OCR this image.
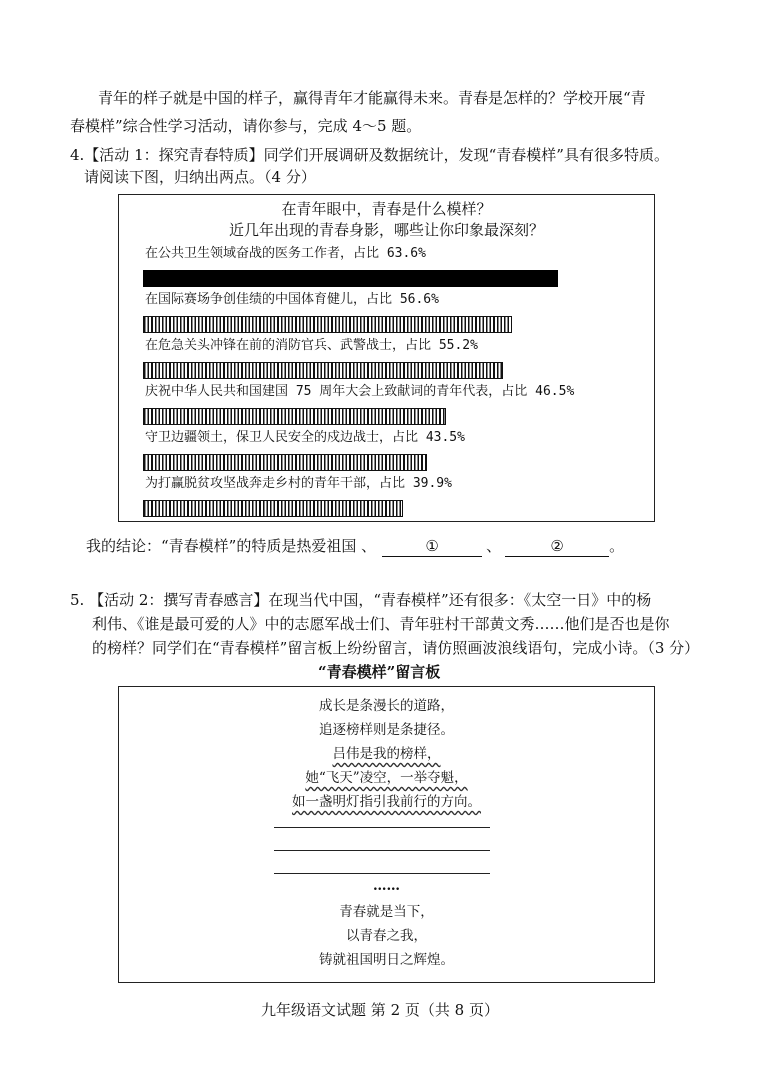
青年的样子就是中国的样子，赢得青年才能赢得未来。青春是怎样的？学校开展“青
春模样”综合性学习活动，请你参与，完成 4～5 题。
4.【活动 1：探究青春特质】同学们开展调研及数据统计，发现“青春模样”具有很多特质。
请阅读下图，归纳出两点。（4 分）
在青年眼中，青春是什么模样？
近几年出现的青春身影，哪些让你印象最深刻？
在公共卫生领域奋战的医务工作者，占比 63.6%
在国际赛场争创佳绩的中国体育健儿，占比 56.6%
在危急关头冲锋在前的消防官兵、武警战士，占比 55.2%
庆祝中华人民共和国建国 75 周年大会上致献词的青年代表，占比 46.5%
守卫边疆领土，保卫人民安全的戍边战士，占比 43.5%
为打赢脱贫攻坚战奔走乡村的青年干部，占比 39.9%
我的结论：“青春模样”的特质是热爱祖国 、	①	、	②	。
5. 【活动 2：撰写青春感言】在现当代中国，“青春模样”还有很多：《太空一日》中的杨
利伟、《谁是最可爱的人》中的志愿军战士们、青年驻村干部黄文秀……他们是否也是你
的榜样？同学们在“青春模样”留言板上纷纷留言，请仿照画波浪线语句，完成小诗。（3 分）
“青春模样”留言板
成长是条漫长的道路，
追逐榜样则是条捷径。
吕伟是我的榜样，
她“飞天”凌空，一举夺魁，
如一盏明灯指引我前行的方向。
……
青春就是当下，
以青春之我，
铸就祖国明日之辉煌。
九年级语文试题 第 2 页（共 8 页）
